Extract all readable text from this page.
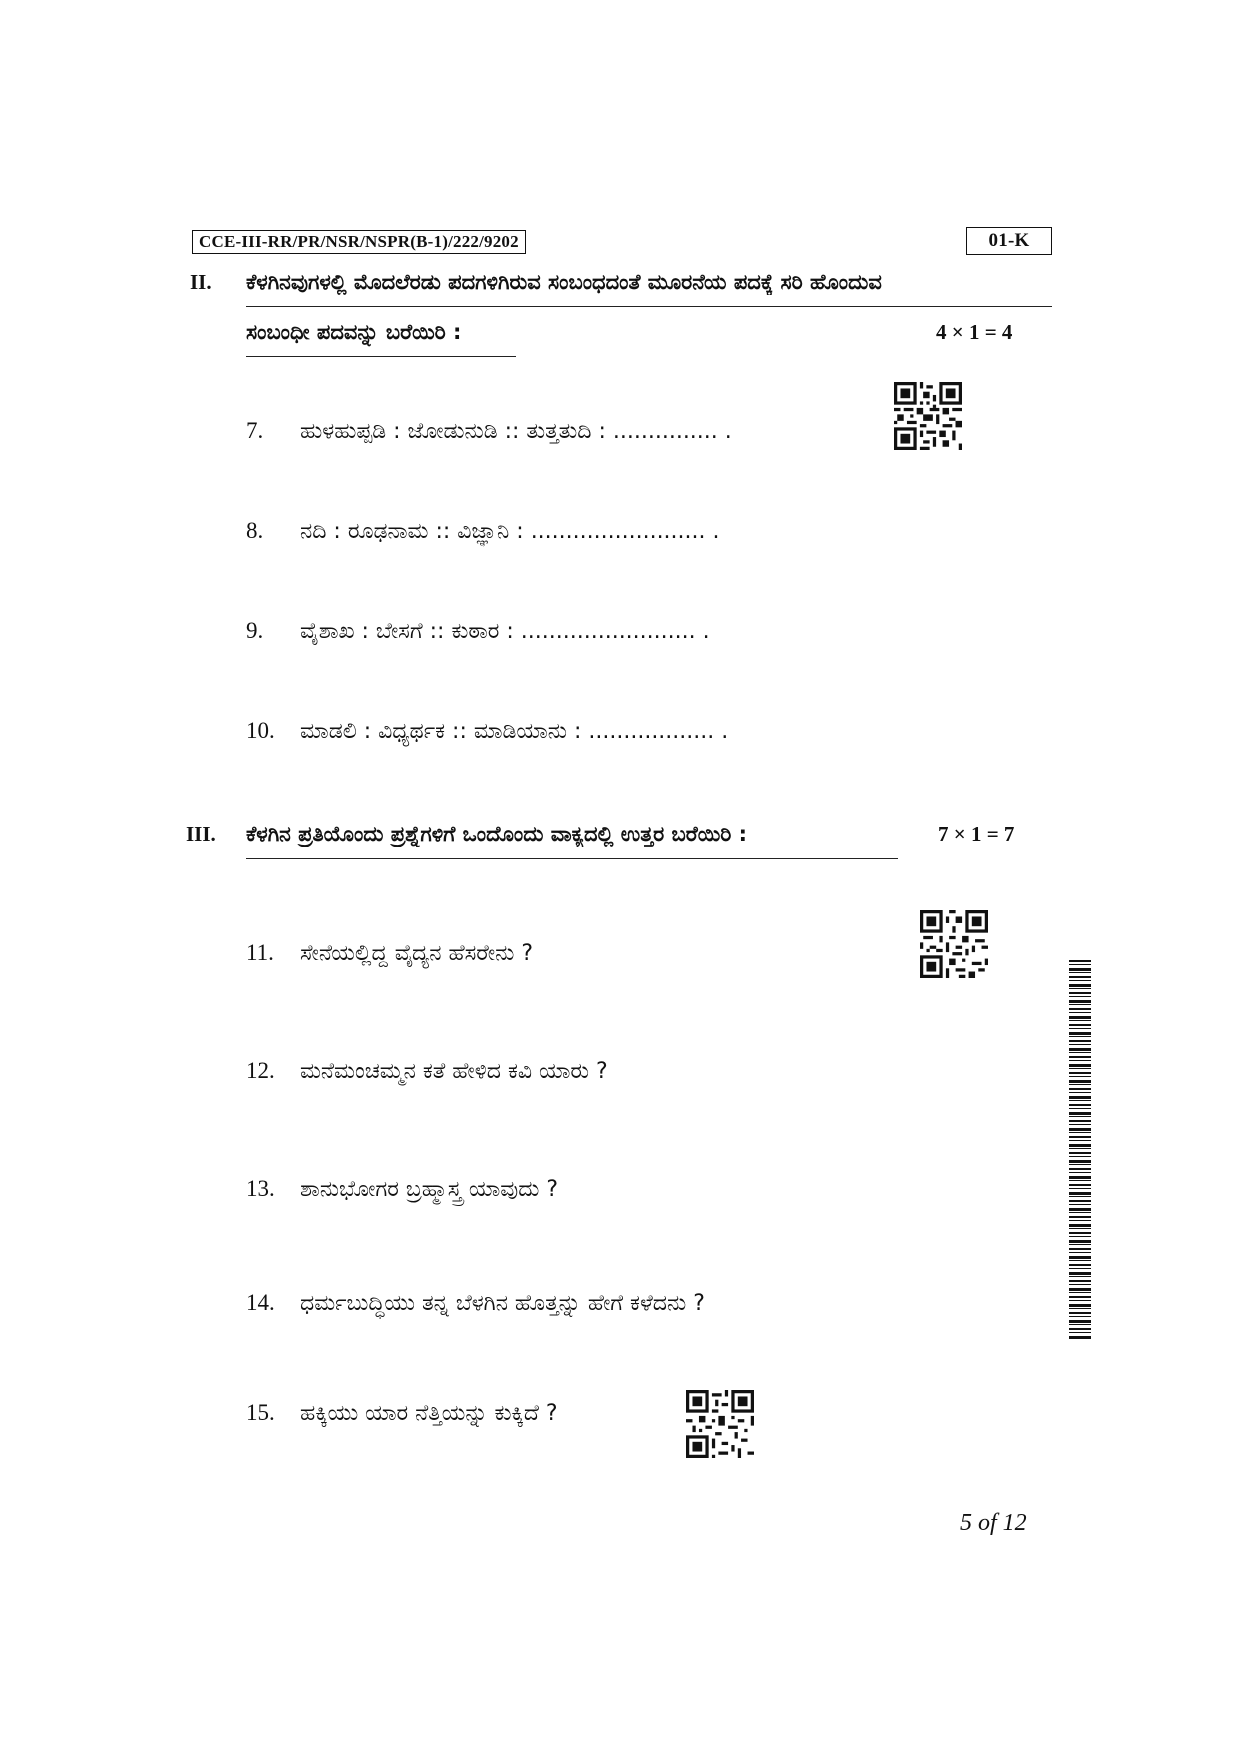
CCE-III-RR/PR/NSR/NSPR(B-1)/222/9202	01-K
II. ಕೆಳಗಿನವುಗಳಲ್ಲಿ ಮೊದಲೆರಡು ಪದಗಳಿಗಿರುವ ಸಂಬಂಧದಂತೆ ಮೂರನೆಯ ಪದಕ್ಕೆ ಸರಿ ಹೊಂದುವ
ಸಂಬಂಧೀ ಪದವನ್ನು ಬರೆಯಿರಿ :	4 × 1 = 4
7. ಹುಳಹುಪ್ಪಡಿ : ಜೋಡುನುಡಿ :: ತುತ್ತತುದಿ : ............... .
8. ನದಿ : ರೂಢನಾಮ :: ವಿಜ್ಞಾನಿ : ......................... .
9. ವೈಶಾಖ : ಬೇಸಗೆ :: ಕುಠಾರ : ......................... .
10. ಮಾಡಲಿ : ವಿಧ್ಯರ್ಥಕ :: ಮಾಡಿಯಾನು : .................. .
III. ಕೆಳಗಿನ ಪ್ರತಿಯೊಂದು ಪ್ರಶ್ನೆಗಳಿಗೆ ಒಂದೊಂದು ವಾಕ್ಯದಲ್ಲಿ ಉತ್ತರ ಬರೆಯಿರಿ :	7 × 1 = 7
11. ಸೇನೆಯಲ್ಲಿದ್ದ ವೈದ್ಯನ ಹೆಸರೇನು ?
12. ಮನೆಮಂಚಮ್ಮನ ಕತೆ ಹೇಳಿದ ಕವಿ ಯಾರು ?
13. ಶಾನುಭೋಗರ ಬ್ರಹ್ಮಾಸ್ತ್ರ ಯಾವುದು ?
14. ಧರ್ಮಬುದ್ಧಿಯು ತನ್ನ ಬೆಳಗಿನ ಹೊತ್ತನ್ನು ಹೇಗೆ ಕಳೆದನು ?
15. ಹಕ್ಕಿಯು ಯಾರ ನೆತ್ತಿಯನ್ನು ಕುಕ್ಕಿದೆ ?
5 of 12
